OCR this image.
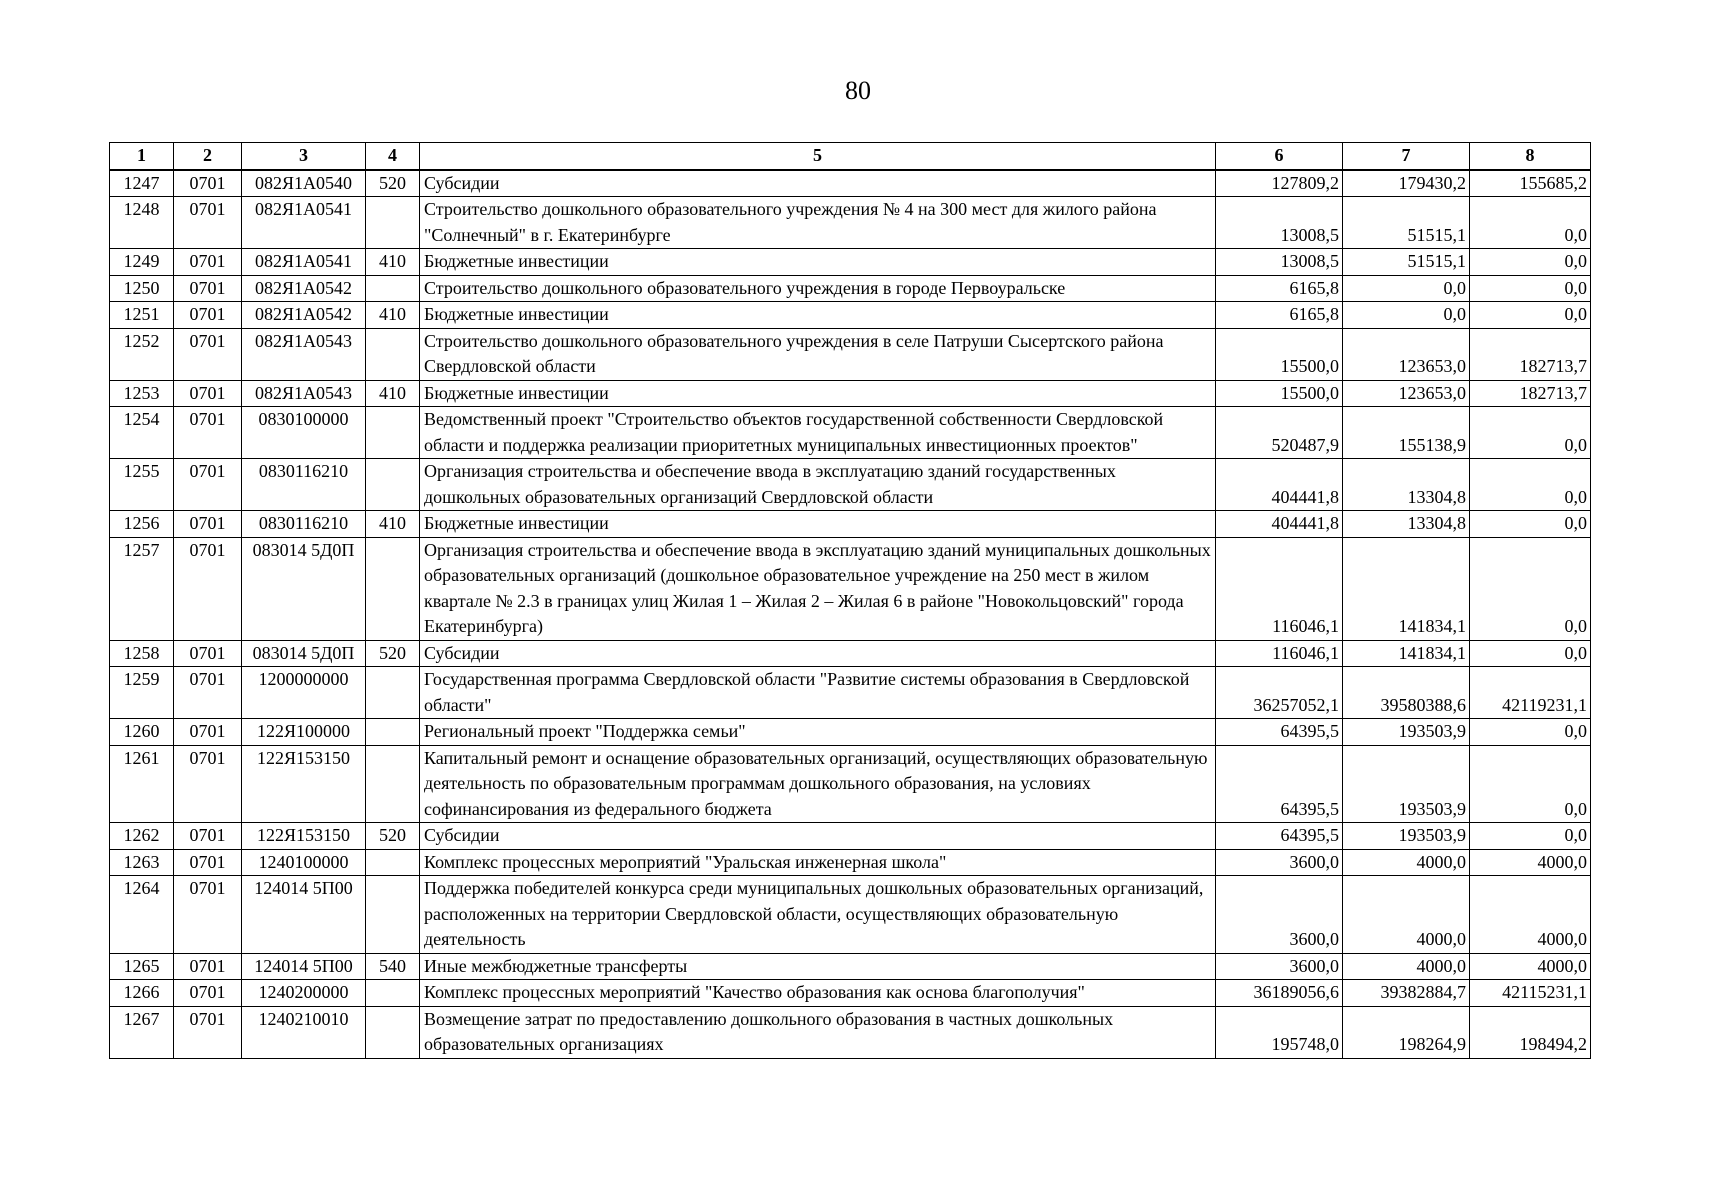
80
1	2	3	4	5	6	7	8
1247	0701	082Я1А0540	520	Субсидии	127809,2	179430,2	155685,2
1248	0701	082Я1А0541		Строительство дошкольного образовательного учреждения № 4 на 300 мест для жилого района "Солнечный" в г. Екатеринбурге	13008,5	51515,1	0,0
1249	0701	082Я1А0541	410	Бюджетные инвестиции	13008,5	51515,1	0,0
1250	0701	082Я1А0542		Строительство дошкольного образовательного учреждения в городе Первоуральске	6165,8	0,0	0,0
1251	0701	082Я1А0542	410	Бюджетные инвестиции	6165,8	0,0	0,0
1252	0701	082Я1А0543		Строительство дошкольного образовательного учреждения в селе Патруши Сысертского района Свердловской области	15500,0	123653,0	182713,7
1253	0701	082Я1А0543	410	Бюджетные инвестиции	15500,0	123653,0	182713,7
1254	0701	0830100000		Ведомственный проект "Строительство объектов государственной собственности Свердловской области и поддержка реализации приоритетных муниципальных инвестиционных проектов"	520487,9	155138,9	0,0
1255	0701	0830116210		Организация строительства и обеспечение ввода в эксплуатацию зданий государственных дошкольных образовательных организаций Свердловской области	404441,8	13304,8	0,0
1256	0701	0830116210	410	Бюджетные инвестиции	404441,8	13304,8	0,0
1257	0701	083014 5Д0П		Организация строительства и обеспечение ввода в эксплуатацию зданий муниципальных дошкольных образовательных организаций (дошкольное образовательное учреждение на 250 мест в жилом квартале № 2.3 в границах улиц Жилая 1 – Жилая 2 – Жилая 6 в районе "Новокольцовский" города Екатеринбурга)	116046,1	141834,1	0,0
1258	0701	083014 5Д0П	520	Субсидии	116046,1	141834,1	0,0
1259	0701	1200000000		Государственная программа Свердловской области "Развитие системы образования в Свердловской области"	36257052,1	39580388,6	42119231,1
1260	0701	122Я100000		Региональный проект "Поддержка семьи"	64395,5	193503,9	0,0
1261	0701	122Я153150		Капитальный ремонт и оснащение образовательных организаций, осуществляющих образовательную деятельность по образовательным программам дошкольного образования, на условиях софинансирования из федерального бюджета	64395,5	193503,9	0,0
1262	0701	122Я153150	520	Субсидии	64395,5	193503,9	0,0
1263	0701	1240100000		Комплекс процессных мероприятий "Уральская инженерная школа"	3600,0	4000,0	4000,0
1264	0701	124014 5П00		Поддержка победителей конкурса среди муниципальных дошкольных образовательных организаций, расположенных на территории Свердловской области, осуществляющих образовательную деятельность	3600,0	4000,0	4000,0
1265	0701	124014 5П00	540	Иные межбюджетные трансферты	3600,0	4000,0	4000,0
1266	0701	1240200000		Комплекс процессных мероприятий "Качество образования как основа благополучия"	36189056,6	39382884,7	42115231,1
1267	0701	1240210010		Возмещение затрат по предоставлению дошкольного образования в частных дошкольных образовательных организациях	195748,0	198264,9	198494,2
